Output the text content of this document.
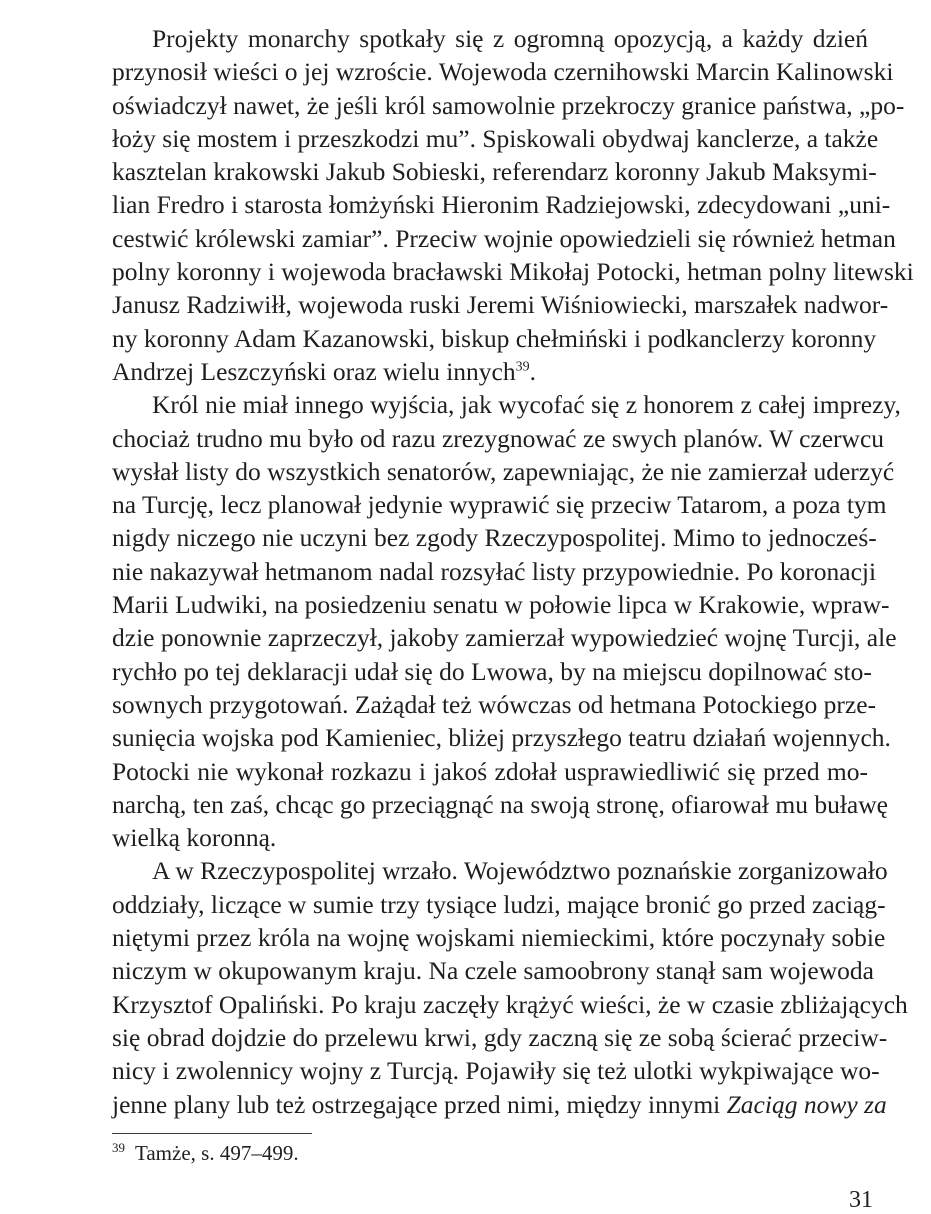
Projekty monarchy spotkały się z ogromną opozycją, a każdy dzień
przynosił wieści o jej wzroście. Wojewoda czernihowski Marcin Kalinowski
oświadczył nawet, że jeśli król samowolnie przekroczy granice państwa, „po-
łoży się mostem i przeszkodzi mu”. Spiskowali obydwaj kanclerze, a także
kasztelan krakowski Jakub Sobieski, referendarz koronny Jakub Maksymi-
lian Fredro i starosta łomżyński Hieronim Radziejowski, zdecydowani „uni-
cestwić królewski zamiar”. Przeciw wojnie opowiedzieli się również hetman
polny koronny i wojewoda bracławski Mikołaj Potocki, hetman polny litewski
Janusz Radziwiłł, wojewoda ruski Jeremi Wiśniowiecki, marszałek nadwor-
ny koronny Adam Kazanowski, biskup chełmiński i podkanclerzy koronny
Andrzej Leszczyński oraz wielu innych$^{39}$.
Król nie miał innego wyjścia, jak wycofać się z honorem z całej imprezy,
chociaż trudno mu było od razu zrezygnować ze swych planów. W czerwcu
wysłał listy do wszystkich senatorów, zapewniając, że nie zamierzał uderzyć
na Turcję, lecz planował jedynie wyprawić się przeciw Tatarom, a poza tym
nigdy niczego nie uczyni bez zgody Rzeczypospolitej. Mimo to jednocześ-
nie nakazywał hetmanom nadal rozsyłać listy przypowiednie. Po koronacji
Marii Ludwiki, na posiedzeniu senatu w połowie lipca w Krakowie, wpraw-
dzie ponownie zaprzeczył, jakoby zamierzał wypowiedzieć wojnę Turcji, ale
rychło po tej deklaracji udał się do Lwowa, by na miejscu dopilnować sto-
sownych przygotowań. Zażądał też wówczas od hetmana Potockiego prze-
sunięcia wojska pod Kamieniec, bliżej przyszłego teatru działań wojennych.
Potocki nie wykonał rozkazu i jakoś zdołał usprawiedliwić się przed mo-
narchą, ten zaś, chcąc go przeciągnąć na swoją stronę, ofiarował mu buławę
wielką koronną.
A w Rzeczypospolitej wrzało. Województwo poznańskie zorganizowało
oddziały, liczące w sumie trzy tysiące ludzi, mające bronić go przed zaciąg-
niętymi przez króla na wojnę wojskami niemieckimi, które poczynały sobie
niczym w okupowanym kraju. Na czele samoobrony stanął sam wojewoda
Krzysztof Opaliński. Po kraju zaczęły krążyć wieści, że w czasie zbliżających
się obrad dojdzie do przelewu krwi, gdy zaczną się ze sobą ścierać przeciw-
nicy i zwolennicy wojny z Turcją. Pojawiły się też ulotki wykpiwające wo-
jenne plany lub też ostrzegające przed nimi, między innymi Zaciąg nowy za
$^{39}$ Tamże, s. 497–499.
31
